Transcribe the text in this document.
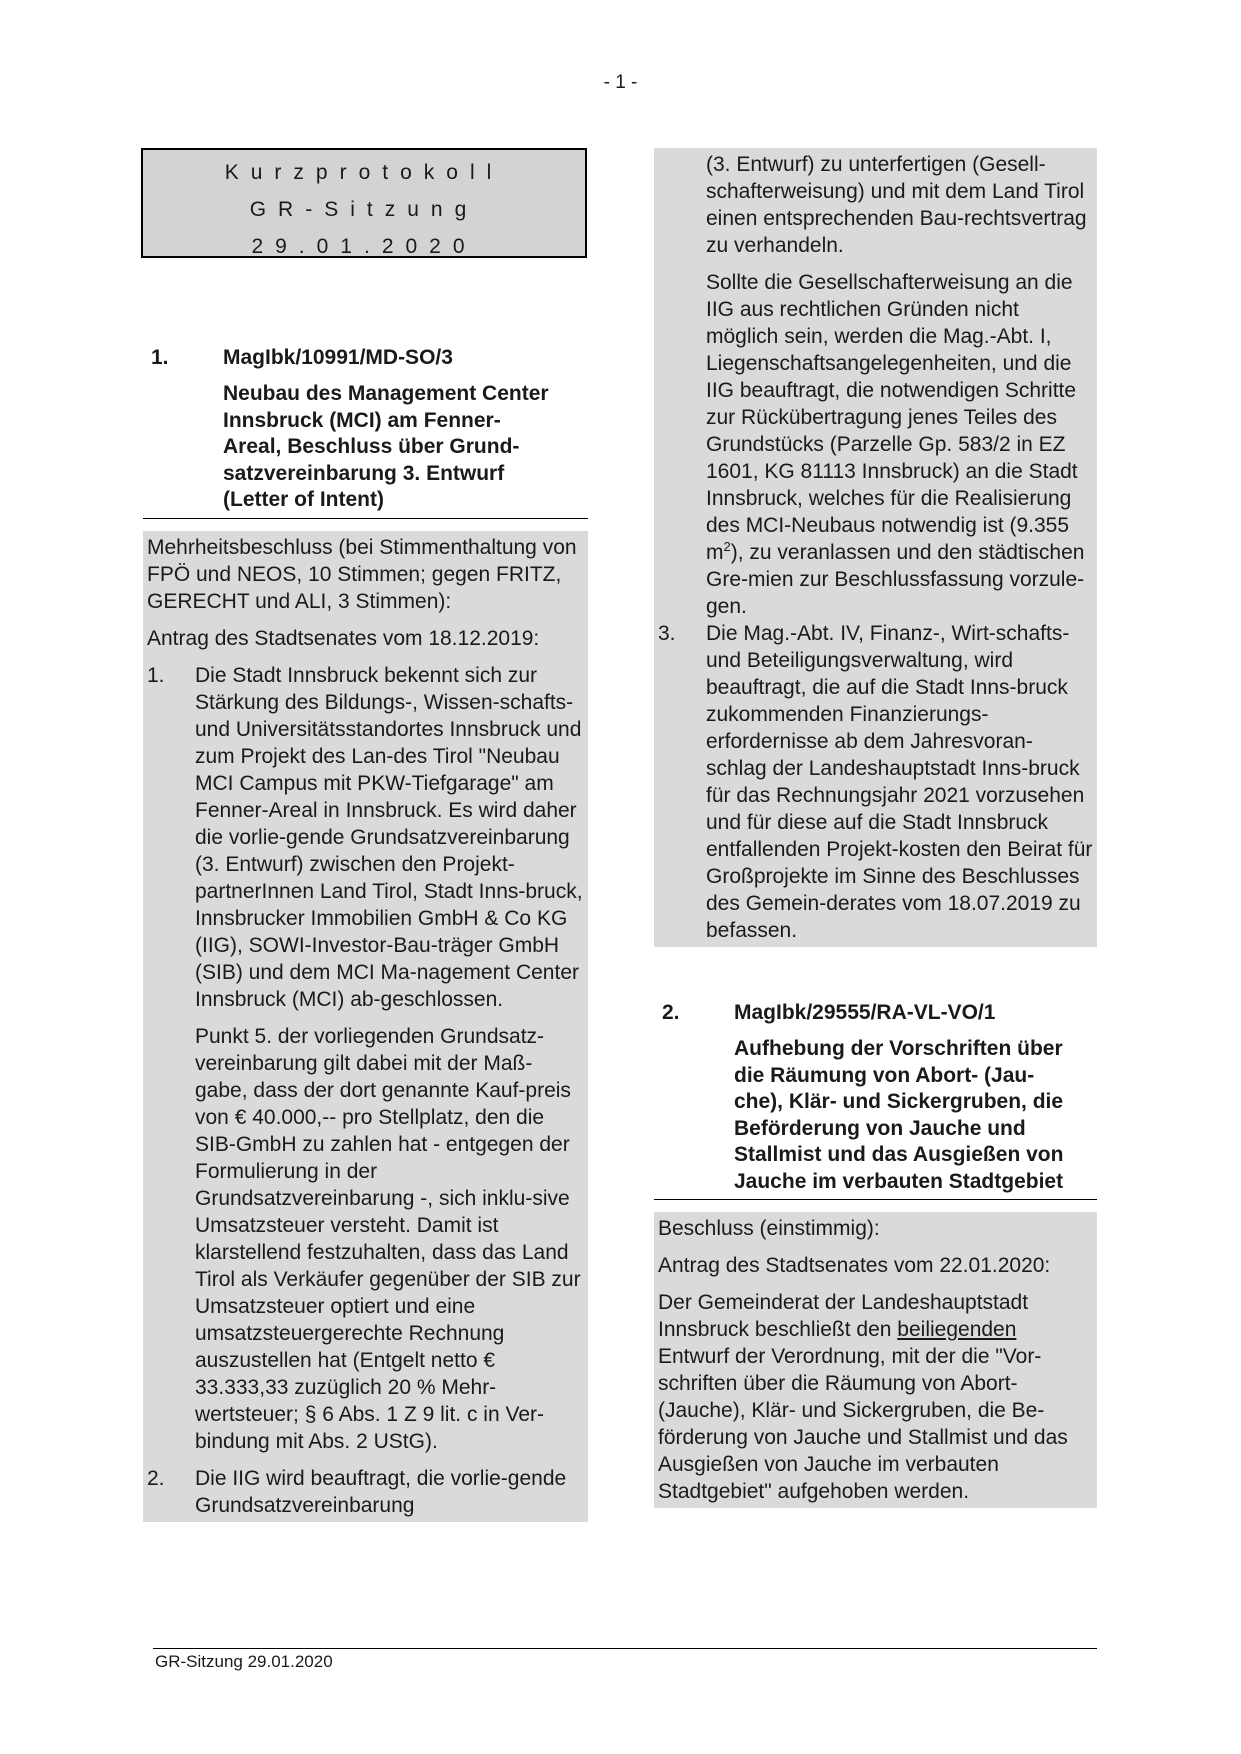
- 1 -
Kurzprotokoll
GR-Sitzung
29.01.2020
1.	MagIbk/10991/MD-SO/3
Neubau des Management Center
Innsbruck (MCI) am Fenner-
Areal, Beschluss über Grund-
satzvereinbarung 3. Entwurf
(Letter of Intent)

Mehrheitsbeschluss (bei Stimmenthaltung von FPÖ und NEOS, 10 Stimmen; gegen FRITZ, GERECHT und ALI, 3 Stimmen):

Antrag des Stadtsenates vom 18.12.2019:

1. Die Stadt Innsbruck bekennt sich zur Stärkung des Bildungs-, Wissen-schafts- und Universitätsstandortes Innsbruck und zum Projekt des Lan-des Tirol "Neubau MCI Campus mit PKW-Tiefgarage" am Fenner-Areal in Innsbruck. Es wird daher die vorlie-gende Grundsatzvereinbarung (3. Entwurf) zwischen den Projekt-partnerInnen Land Tirol, Stadt Inns-bruck, Innsbrucker Immobilien GmbH & Co KG (IIG), SOWI-Investor-Bau-träger GmbH (SIB) und dem MCI Ma-nagement Center Innsbruck (MCI) ab-geschlossen.

Punkt 5. der vorliegenden Grundsatz-vereinbarung gilt dabei mit der Maß-gabe, dass der dort genannte Kauf-preis von € 40.000,-- pro Stellplatz, den die SIB-GmbH zu zahlen hat - entgegen der Formulierung in der Grundsatzvereinbarung -, sich inklu-sive Umsatzsteuer versteht. Damit ist klarstellend festzuhalten, dass das Land Tirol als Verkäufer gegenüber der SIB zur Umsatzsteuer optiert und eine umsatzsteuergerechte Rechnung auszustellen hat (Entgelt netto € 33.333,33 zuzüglich 20 % Mehr-wertsteuer; § 6 Abs. 1 Z 9 lit. c in Ver-bindung mit Abs. 2 UStG).

2. Die IIG wird beauftragt, die vorlie-gende Grundsatzvereinbarung

(3. Entwurf) zu unterfertigen (Gesell-schafterweisung) und mit dem Land Tirol einen entsprechenden Bau-rechtsvertrag zu verhandeln.

Sollte die Gesellschafterweisung an die IIG aus rechtlichen Gründen nicht möglich sein, werden die Mag.-Abt. I, Liegenschaftsangelegenheiten, und die IIG beauftragt, die notwendigen Schritte zur Rückübertragung jenes Teiles des Grundstücks (Parzelle Gp. 583/2 in EZ 1601, KG 81113 Innsbruck) an die Stadt Innsbruck, welches für die Realisierung des MCI-Neubaus notwendig ist (9.355 $m^2$), zu veranlassen und den städtischen Gre-mien zur Beschlussfassung vorzule-gen.

3. Die Mag.-Abt. IV, Finanz-, Wirt-schafts- und Beteiligungsverwaltung, wird beauftragt, die auf die Stadt Inns-bruck zukommenden Finanzierungs-erfordernisse ab dem Jahresvoran-schlag der Landeshauptstadt Inns-bruck für das Rechnungsjahr 2021 vorzusehen und für diese auf die Stadt Innsbruck entfallenden Projekt-kosten den Beirat für Großprojekte im Sinne des Beschlusses des Gemein-derates vom 18.07.2019 zu befassen.

2.	MagIbk/29555/RA-VL-VO/1
Aufhebung der Vorschriften über
die Räumung von Abort- (Jau-
che), Klär- und Sickergruben, die
Beförderung von Jauche und
Stallmist und das Ausgießen von
Jauche im verbauten Stadtgebiet

Beschluss (einstimmig):

Antrag des Stadtsenates vom 22.01.2020:

Der Gemeinderat der Landeshauptstadt Innsbruck beschließt den beiliegenden Entwurf der Verordnung, mit der die "Vor-schriften über die Räumung von Abort- (Jauche), Klär- und Sickergruben, die Be-förderung von Jauche und Stallmist und das Ausgießen von Jauche im verbauten Stadtgebiet" aufgehoben werden.

GR-Sitzung 29.01.2020
